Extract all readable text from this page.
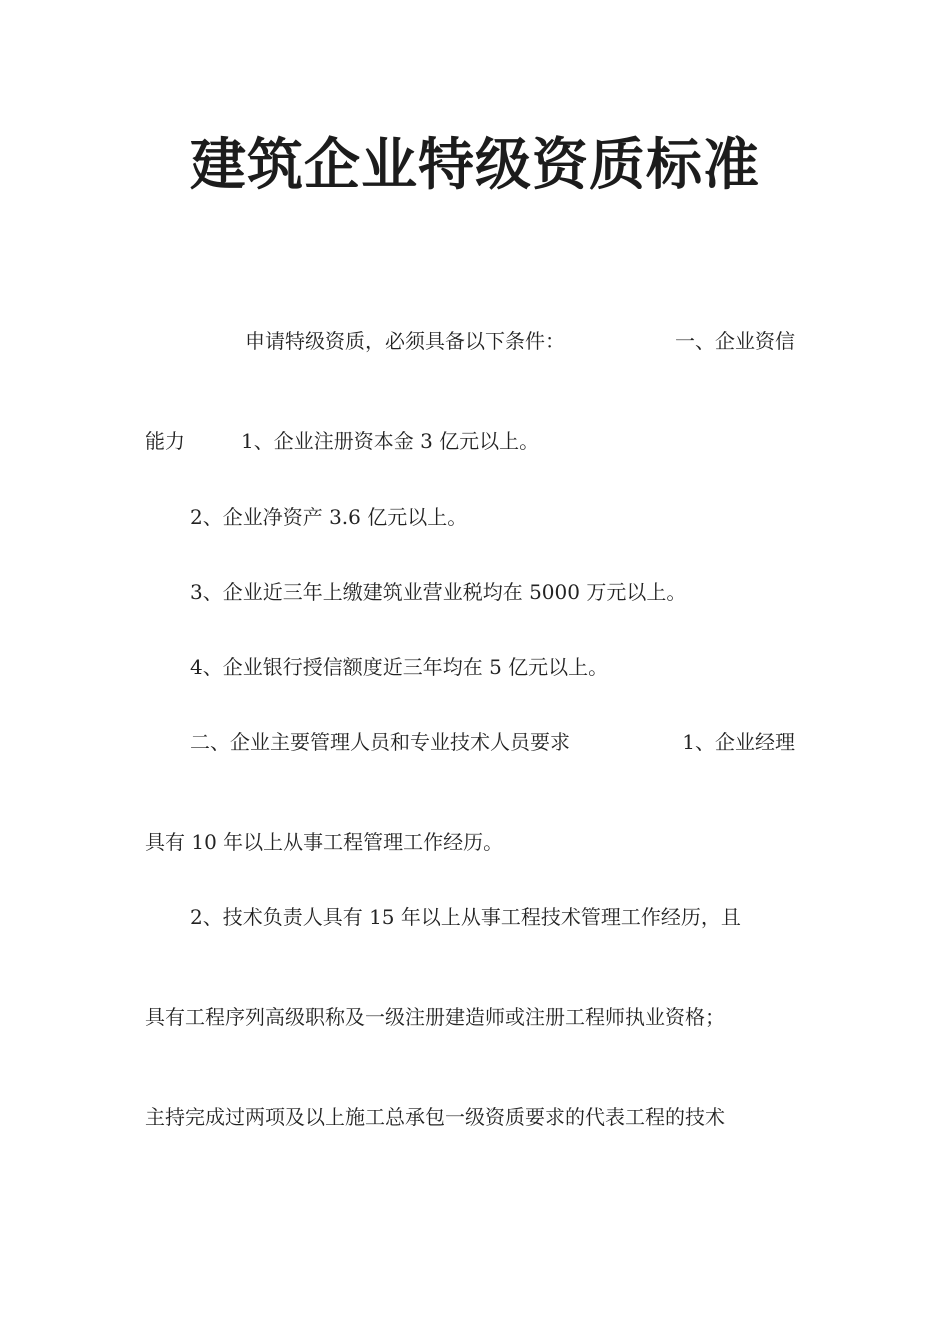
建筑企业特级资质标准
申请特级资质，必须具备以下条件：	一、企业资信
能力	1、企业注册资本金 3 亿元以上。
2、企业净资产 3.6 亿元以上。
3、企业近三年上缴建筑业营业税均在 5000 万元以上。
4、企业银行授信额度近三年均在 5 亿元以上。
二、企业主要管理人员和专业技术人员要求	1、企业经理
具有 10 年以上从事工程管理工作经历。
2、技术负责人具有 15 年以上从事工程技术管理工作经历，且
具有工程序列高级职称及一级注册建造师或注册工程师执业资格；
主持完成过两项及以上施工总承包一级资质要求的代表工程的技术
